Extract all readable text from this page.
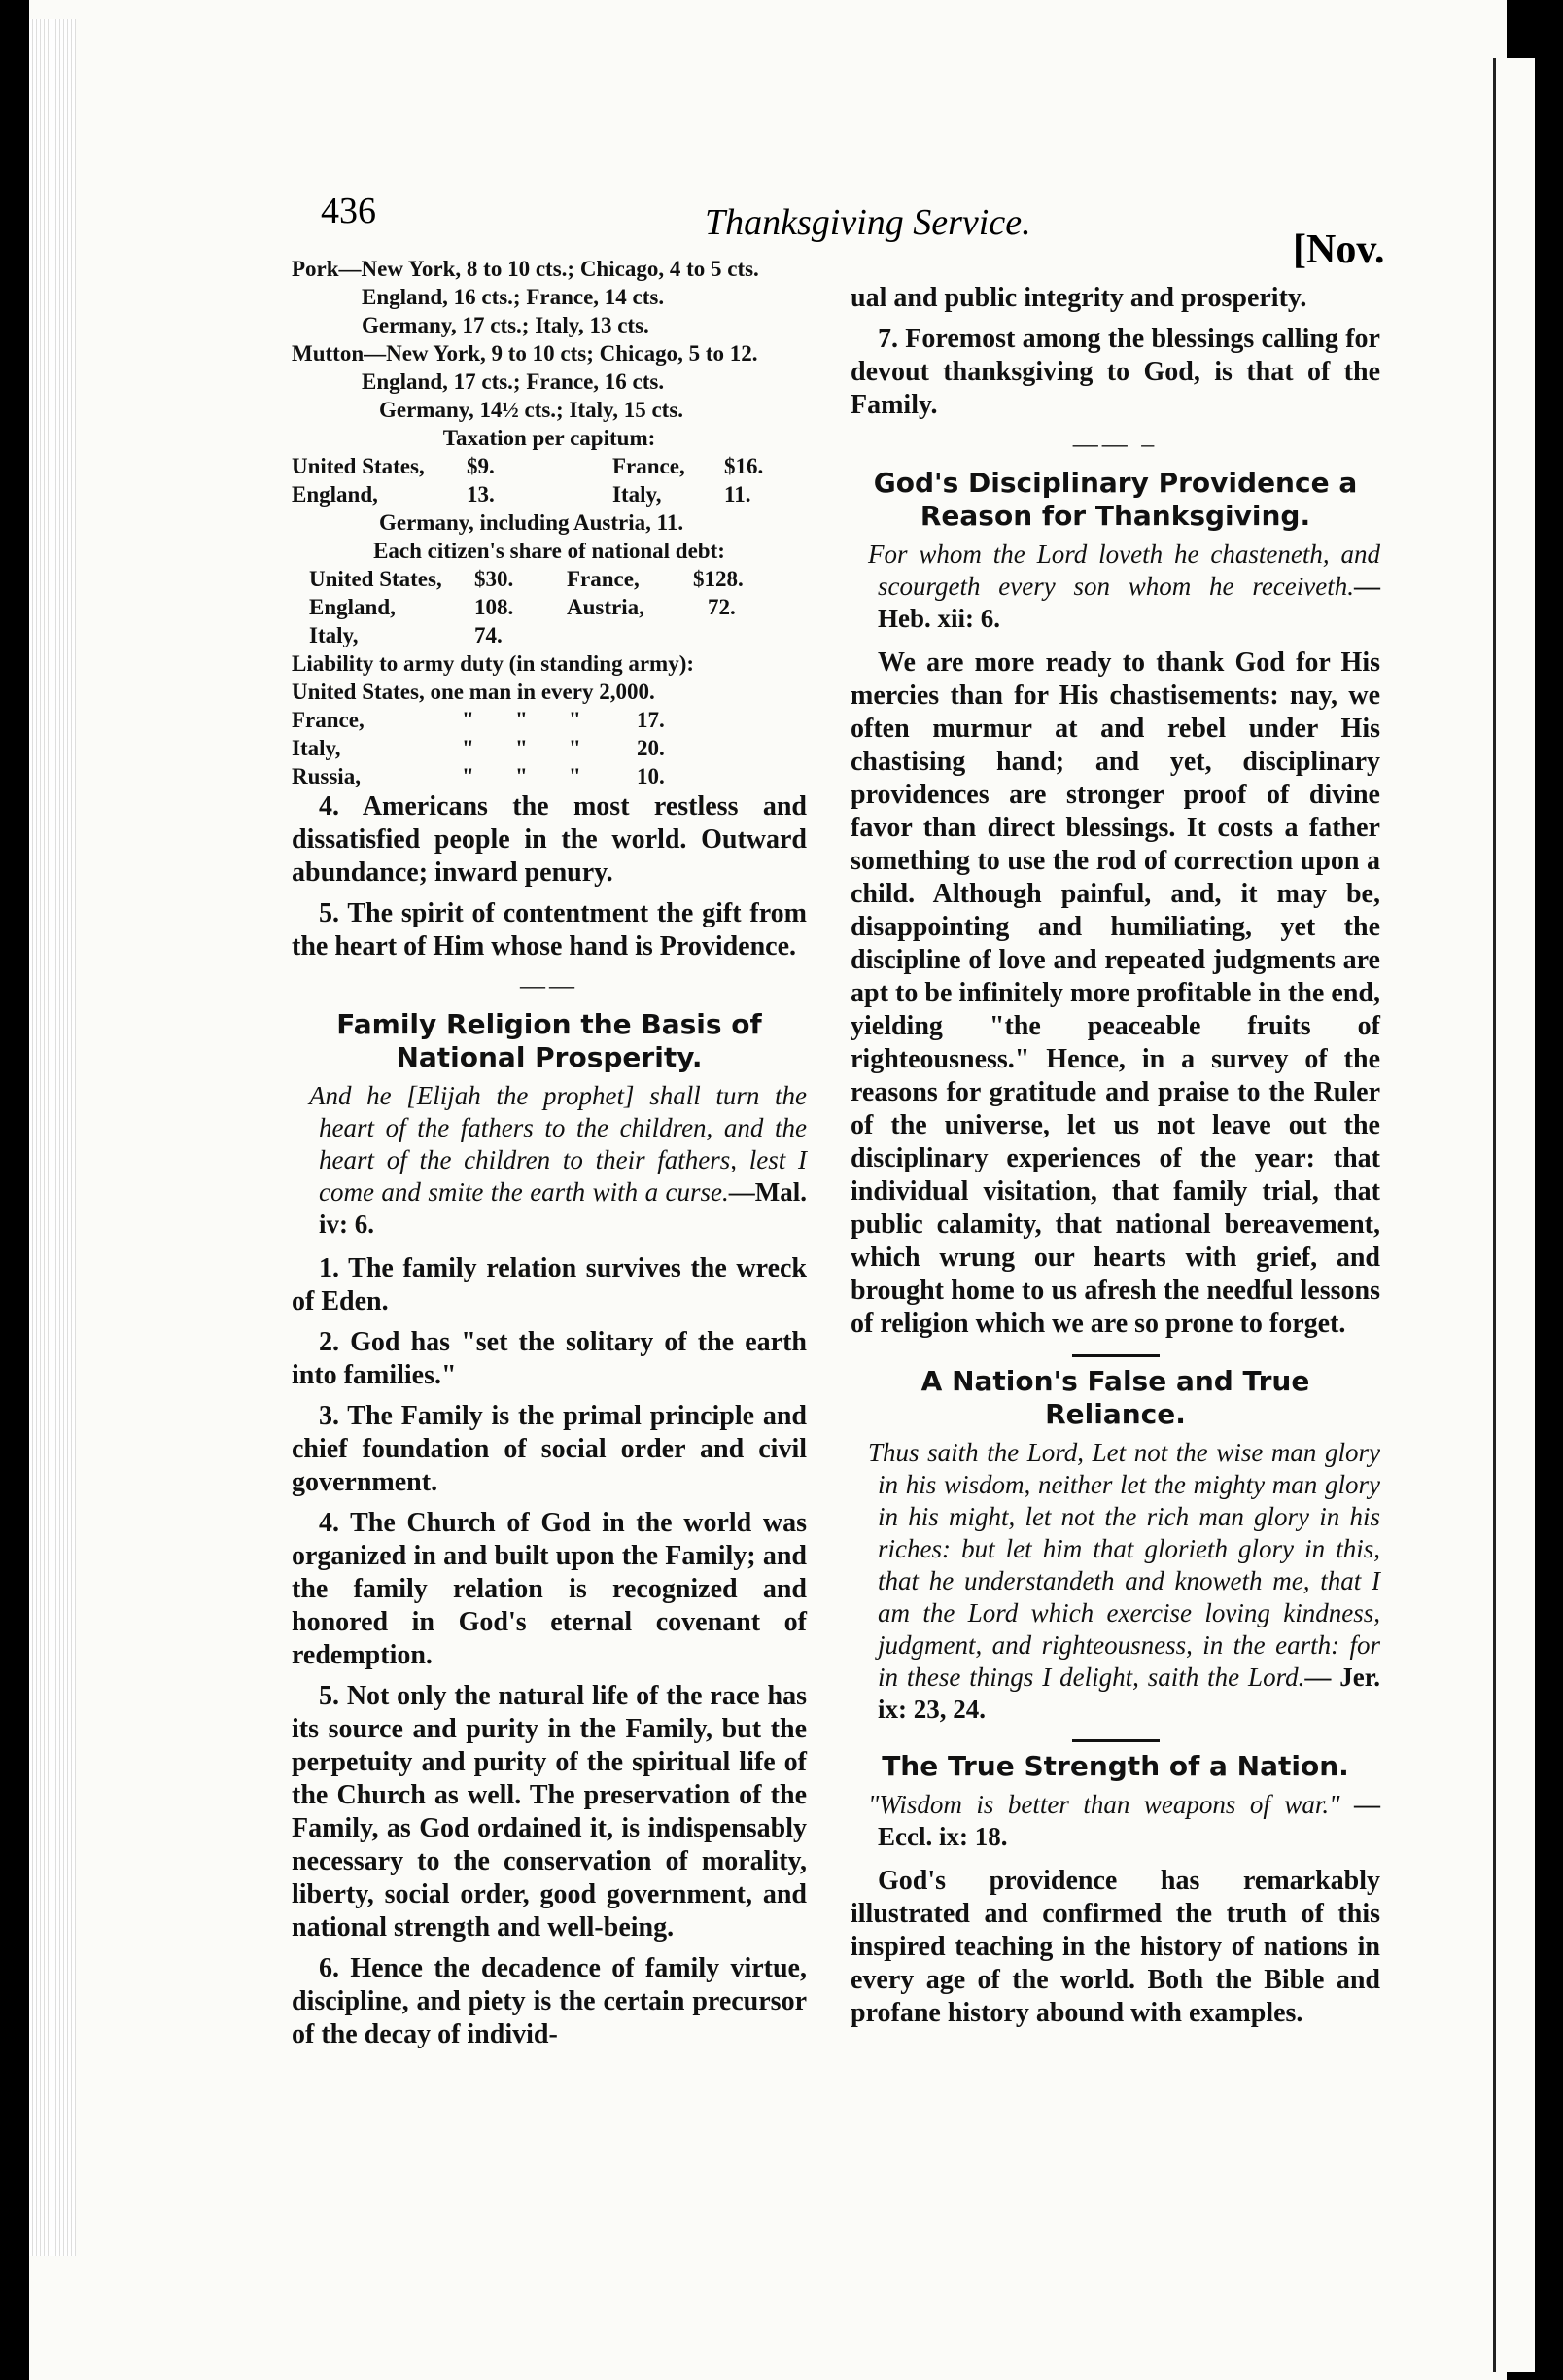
436	Thanksgiving Service.
[Nov.
Pork—New York, 8 to 10 cts.; Chicago, 4 to 5 cts.
England, 16 cts.; France, 14 cts.
Germany, 17 cts.; Italy, 13 cts.
Mutton—New York, 9 to 10 cts; Chicago, 5 to 12.
England, 17 cts.; France, 16 cts.
Germany, 14½ cts.; Italy, 15 cts.
Taxation per capitum:
United States,	$9.	France,	$16.
England,	13.	Italy,	11.
Germany, including Austria, 11.
Each citizen's share of national debt:
United States,	$30.	France,	$128.
England,	108.	Austria,	72.
Italy,	74.
Liability to army duty (in standing army):
United States, one man in every 2,000.
France,	"	"	"	17.
Italy,	"	"	"	20.
Russia,	"	"	"	10.

4. Americans the most restless and dissatisfied people in the world. Outward abundance; inward penury.

5. The spirit of contentment the gift from the heart of Him whose hand is Providence.

——
Family Religion the Basis of National Prosperity.

And he [Elijah the prophet] shall turn the heart of the fathers to the children, and the heart of the children to their fathers, lest I come and smite the earth with a curse.—Mal. iv: 6.

1. The family relation survives the wreck of Eden.

2. God has "set the solitary of the earth into families."

3. The Family is the primal principle and chief foundation of social order and civil government.

4. The Church of God in the world was organized in and built upon the Family; and the family relation is recognized and honored in God's eternal covenant of redemption.

5. Not only the natural life of the race has its source and purity in the Family, but the perpetuity and purity of the spiritual life of the Church as well. The preservation of the Family, as God ordained it, is indispensably necessary to the conservation of morality, liberty, social order, good government, and national strength and well-being.

6. Hence the decadence of family virtue, discipline, and piety is the certain precursor of the decay of individ-

ual and public integrity and prosperity.

7. Foremost among the blessings calling for devout thanksgiving to God, is that of the Family.

—— –
God's Disciplinary Providence a Reason for Thanksgiving.

For whom the Lord loveth he chasteneth, and scourgeth every son whom he receiveth.— Heb. xii: 6.

We are more ready to thank God for His mercies than for His chastisements: nay, we often murmur at and rebel under His chastising hand; and yet, disciplinary providences are stronger proof of divine favor than direct blessings. It costs a father something to use the rod of correction upon a child. Although painful, and, it may be, disappointing and humiliating, yet the discipline of love and repeated judgments are apt to be infinitely more profitable in the end, yielding "the peaceable fruits of righteousness." Hence, in a survey of the reasons for gratitude and praise to the Ruler of the universe, let us not leave out the disciplinary experiences of the year: that individual visitation, that family trial, that public calamity, that national bereavement, which wrung our hearts with grief, and brought home to us afresh the needful lessons of religion which we are so prone to forget.

A Nation's False and True Reliance.

Thus saith the Lord, Let not the wise man glory in his wisdom, neither let the mighty man glory in his might, let not the rich man glory in his riches: but let him that glorieth glory in this, that he understandeth and knoweth me, that I am the Lord which exercise loving kindness, judgment, and righteousness, in the earth: for in these things I delight, saith the Lord.— Jer. ix: 23, 24.

The True Strength of a Nation.

"Wisdom is better than weapons of war." —Eccl. ix: 18.

God's providence has remarkably illustrated and confirmed the truth of this inspired teaching in the history of nations in every age of the world. Both the Bible and profane history abound with examples.
